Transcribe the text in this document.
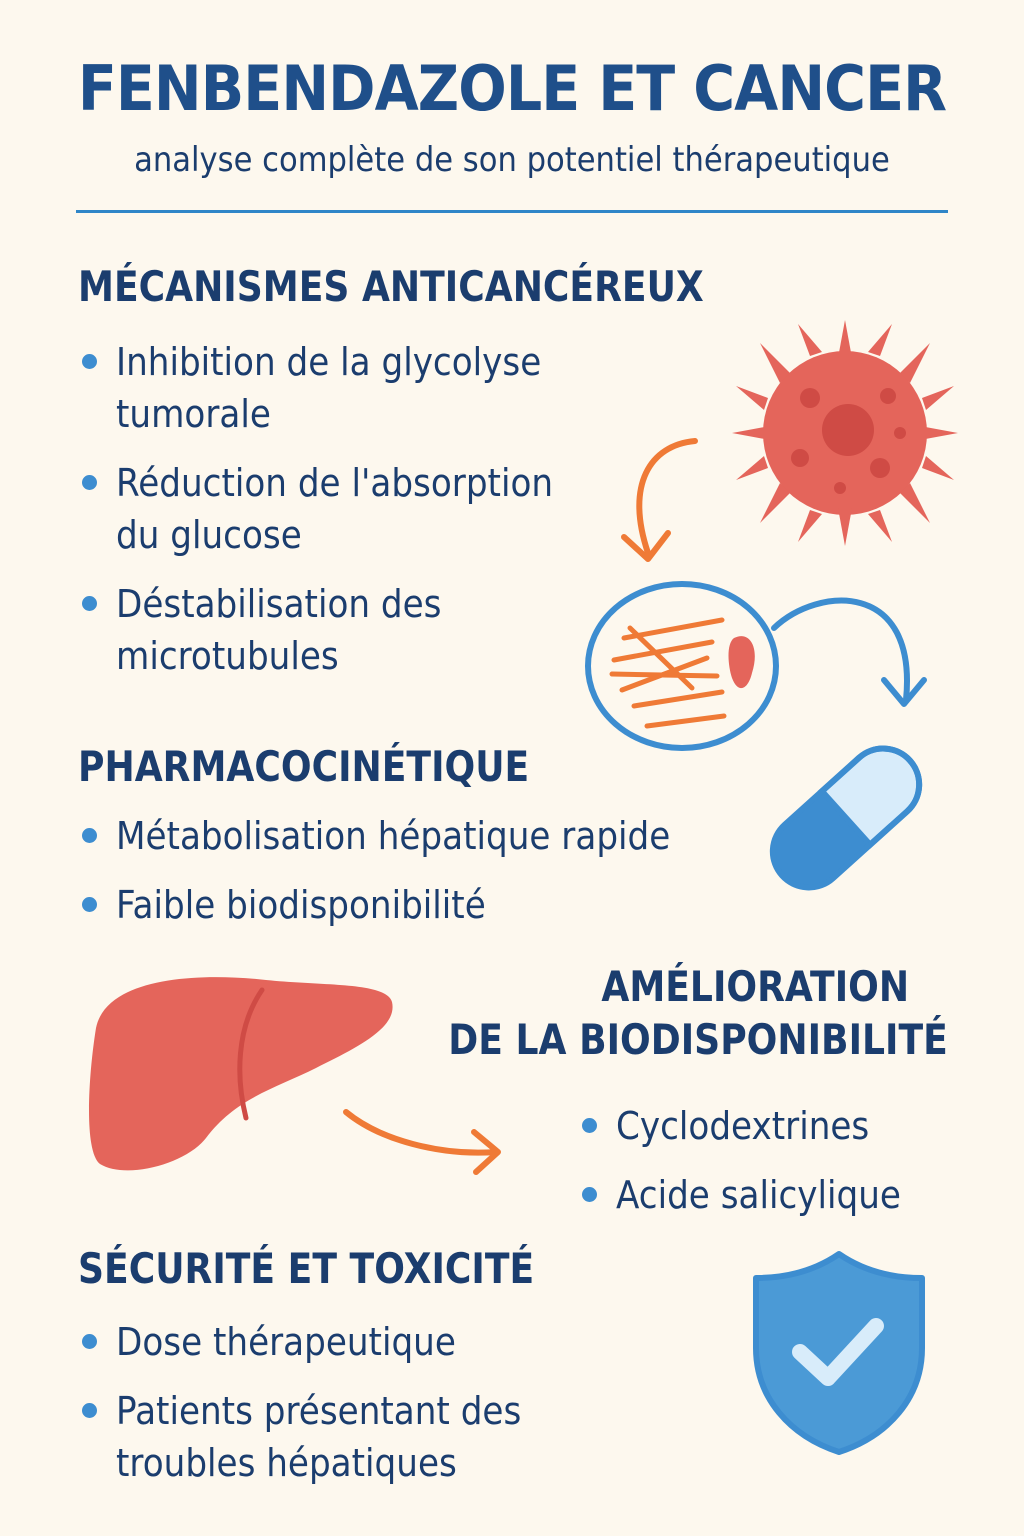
FENBENDAZOLE ET CANCER
analyse complète de son potentiel thérapeutique
MÉCANISMES ANTICANCÉREUX
Inhibition de la glycolyse
tumorale
Réduction de l'absorption
du glucose
Déstabilisation des
microtubules
PHARMACOCINÉTIQUE
Métabolisation hépatique rapide
Faible biodisponibilité
AMÉLIORATION
DE LA BIODISPONIBILITÉ
Cyclodextrines
Acide salicylique
SÉCURITÉ ET TOXICITÉ
Dose thérapeutique
Patients présentant des
troubles hépatiques
